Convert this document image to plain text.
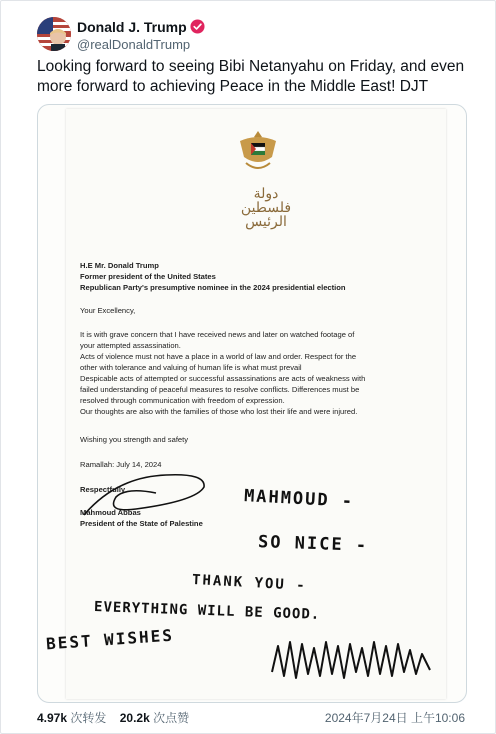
Donald J. Trump
@realDonaldTrump
Looking forward to seeing Bibi Netanyahu on Friday, and even more forward to achieving Peace in the Middle East! DJT
دولة فلسطين الرئيس
H.E Mr. Donald Trump
Former president of the United States
Republican Party's presumptive nominee in the 2024 presidential election
Your Excellency,
It is with grave concern that I have received news and later on watched footage of
your attempted assassination.
Acts of violence must not have a place in a world of law and order. Respect for the
other with tolerance and valuing of human life is what must prevail
Despicable acts of attempted or successful assassinations are acts of weakness with
failed understanding of peaceful measures to resolve conflicts. Differences must be
resolved through communication with freedom of expression.
Our thoughts are also with the families of those who lost their life and were injured.
Wishing you strength and safety
Ramallah: July 14, 2024
Respectfully
Mahmoud Abbas
President of the State of Palestine
MAHMOUD -
SO NICE -
THANK YOU -
EVERYTHING WILL BE GOOD.
BEST WISHES
4.97k 次转发 20.2k 次点赞	2024年7月24日 上午10:06
